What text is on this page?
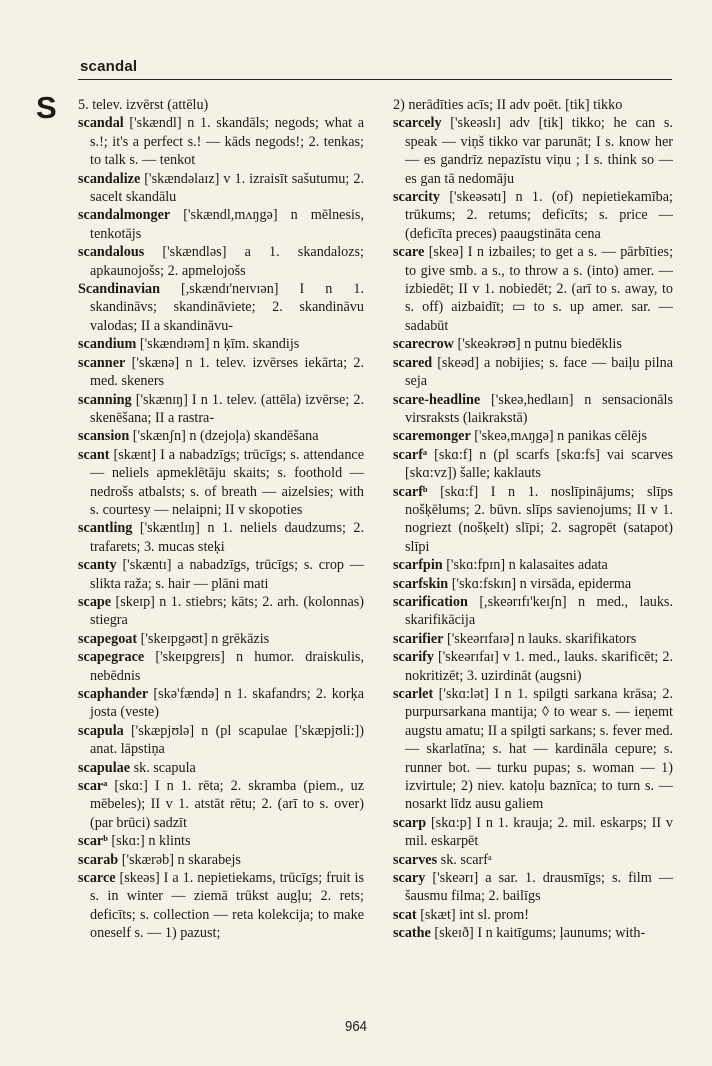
scandal
S 5. telev. izvērst (attēlu)

scandal ['skændl] n 1. skandāls; negods; what a s.!; it's a perfect s.! — kāds negods!; 2. tenkas; to talk s. — tenkot

scandalize ['skændəlaɪz] v 1. izraisīt sašutumu; 2. sacelt skandālu

scandalmonger ['skændl,mʌŋgə] n mēlnesis, tenkotājs

scandalous ['skændləs] a 1. skandalozs; apkaunojošs; 2. apmelojošs

Scandinavian [,skændɪ'neɪvɪən] I n 1. skandināvs; skandināviete; 2. skandināvu valodas; II a skandināvu-

scandium ['skændɪəm] n ķīm. skandijs

scanner ['skænə] n 1. telev. izvērses iekārta; 2. med. skeners

scanning ['skænɪŋ] I n 1. telev. (attēla) izvērse; 2. skenēšana; II a rastra-

scansion ['skænʃn] n (dzejoļa) skandēšana

scant [skænt] I a nabadzīgs; trūcīgs; s. attendance — neliels apmeklētāju skaits; s. foothold — nedrošs atbalsts; s. of breath — aizelsies; with s. courtesy — nelaipni; II v skopoties

scantling ['skæntlɪŋ] n 1. neliels daudzums; 2. trafarets; 3. mucas steķi

scanty ['skæntɪ] a nabadzīgs, trūcīgs; s. crop — slikta raža; s. hair — plāni mati

scape [skeɪp] n 1. stiebrs; kāts; 2. arh. (kolonnas) stiegra

scapegoat ['skeɪpgəʊt] n grēkāzis

scapegrace ['skeɪpgreɪs] n humor. draiskulis, nebēdnis

scaphander [skə'fændə] n 1. skafandrs; 2. korķa josta (veste)

scapula ['skæpjʊlə] n (pl scapulae ['skæpjʊli:]) anat. lāpstiņa

scapulae sk. scapula

scarᵃ [skɑ:] I n 1. rēta; 2. skramba (piem., uz mēbeles); II v 1. atstāt rētu; 2. (arī to s. over) (par brūci) sadzīt

scarᵇ [skɑ:] n klints

scarab ['skærəb] n skarabejs

scarce [skeəs] I a 1. nepietiekams, trūcīgs; fruit is s. in winter — ziemā trūkst augļu; 2. rets; deficīts; s. collection — reta kolekcija; to make oneself s. — 1) pazust;

2) nerādīties acīs; II adv poēt. [tik] tikko

scarcely ['skeəslɪ] adv [tik] tikko; he can s. speak — viņš tikko var parunāt; I s. know her — es gandrīz nepazīstu viņu ; I s. think so — es gan tā nedomāju

scarcity ['skeəsətɪ] n 1. (of) nepietiekamība; trūkums; 2. retums; deficīts; s. price — (deficīta preces) paaugstināta cena

scare [skeə] I n izbailes; to get a s. — pārbīties; to give smb. a s., to throw a s. (into) amer. — izbiedēt; II v 1. nobiedēt; 2. (arī to s. away, to s. off) aizbaidīt; ▭ to s. up amer. sar. — sadabūt

scarecrow ['skeəkrəʊ] n putnu biedēklis

scared [skeəd] a nobijies; s. face — baiļu pilna seja

scare-headline ['skeə,hedlaɪn] n sensacionāls virsraksts (laikrakstā)

scaremonger ['skeə,mʌŋgə] n panikas cēlējs

scarfᵃ [skɑ:f] n (pl scarfs [skɑ:fs] vai scarves [skɑ:vz]) šalle; kaklauts

scarfᵇ [skɑ:f] I n 1. noslīpinājums; slīps nošķēlums; 2. būvn. slīps savienojums; II v 1. nogriezt (nošķelt) slīpi; 2. sagropēt (satapot) slīpi

scarfpin ['skɑ:fpɪn] n kalasaites adata

scarfskin ['skɑ:fskɪn] n virsāda, epiderma

scarification [,skeərɪfɪ'keɪʃn] n med., lauks. skarifikācija

scarifier ['skeərɪfaɪə] n lauks. skarifikators

scarify ['skeərɪfaɪ] v 1. med., lauks. skarificēt; 2. nokritizēt; 3. uzirdināt (augsni)

scarlet ['skɑ:lət] I n 1. spilgti sarkana krāsa; 2. purpursarkana mantija; ◊ to wear s. — ieņemt augstu amatu; II a spilgti sarkans; s. fever med. — skarlatīna; s. hat — kardināla cepure; s. runner bot. — turku pupas; s. woman — 1) izvirtule; 2) niev. katoļu baznīca; to turn s. — nosarkt līdz ausu galiem

scarp [skɑ:p] I n 1. krauja; 2. mil. eskarps; II v mil. eskarpēt

scarves sk. scarfᵃ

scary ['skeərɪ] a sar. 1. drausmīgs; s. film — šausmu filma; 2. bailīgs

scat [skæt] int sl. prom!

scathe [skeɪð] I n kaitīgums; ļaunums; with-

964
